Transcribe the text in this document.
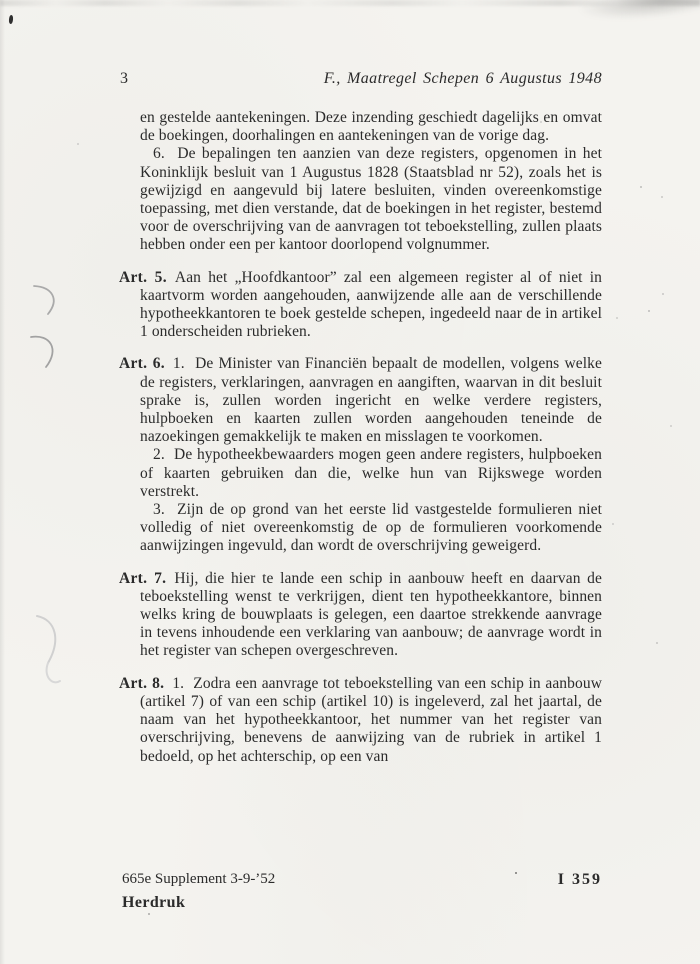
3	F., Maatregel Schepen 6 Augustus 1948

en gestelde aantekeningen. Deze inzending geschiedt dagelijks en omvat de boekingen, doorhalingen en aantekeningen van de vorige dag.

6.  De bepalingen ten aanzien van deze registers, opgenomen in het Koninklijk besluit van 1 Augustus 1828 (Staatsblad nr 52), zoals het is gewijzigd en aangevuld bij latere besluiten, vinden overeenkomstige toepassing, met dien verstande, dat de boekingen in het register, bestemd voor de overschrijving van de aanvragen tot teboekstelling, zullen plaats hebben onder een per kantoor doorlopend volgnummer.

Art. 5. Aan het „Hoofdkantoor” zal een algemeen register al of niet in kaartvorm worden aangehouden, aanwijzende alle aan de verschillende hypotheekkantoren te boek gestelde schepen, ingedeeld naar de in artikel 1 onderscheiden rubrieken.

Art. 6. 1.  De Minister van Financiën bepaalt de modellen, volgens welke de registers, verklaringen, aanvragen en aangiften, waarvan in dit besluit sprake is, zullen worden ingericht en welke verdere registers, hulpboeken en kaarten zullen worden aangehouden teneinde de nazoekingen gemakkelijk te maken en misslagen te voorkomen.

2.  De hypotheekbewaarders mogen geen andere registers, hulpboeken of kaarten gebruiken dan die, welke hun van Rijkswege worden verstrekt.

3.  Zijn de op grond van het eerste lid vastgestelde formulieren niet volledig of niet overeenkomstig de op de formulieren voorkomende aanwijzingen ingevuld, dan wordt de overschrijving geweigerd.

Art. 7. Hij, die hier te lande een schip in aanbouw heeft en daarvan de teboekstelling wenst te verkrijgen, dient ten hypotheekkantore, binnen welks kring de bouwplaats is gelegen, een daartoe strekkende aanvrage in tevens inhoudende een verklaring van aanbouw; de aanvrage wordt in het register van schepen overgeschreven.

Art. 8. 1.  Zodra een aanvrage tot teboekstelling van een schip in aanbouw (artikel 7) of van een schip (artikel 10) is ingeleverd, zal het jaartal, de naam van het hypotheekkantoor, het nummer van het register van overschrijving, benevens de aanwijzing van de rubriek in artikel 1 bedoeld, op het achterschip, op een van

665e Supplement 3-9-’52	I 359
Herdruk
